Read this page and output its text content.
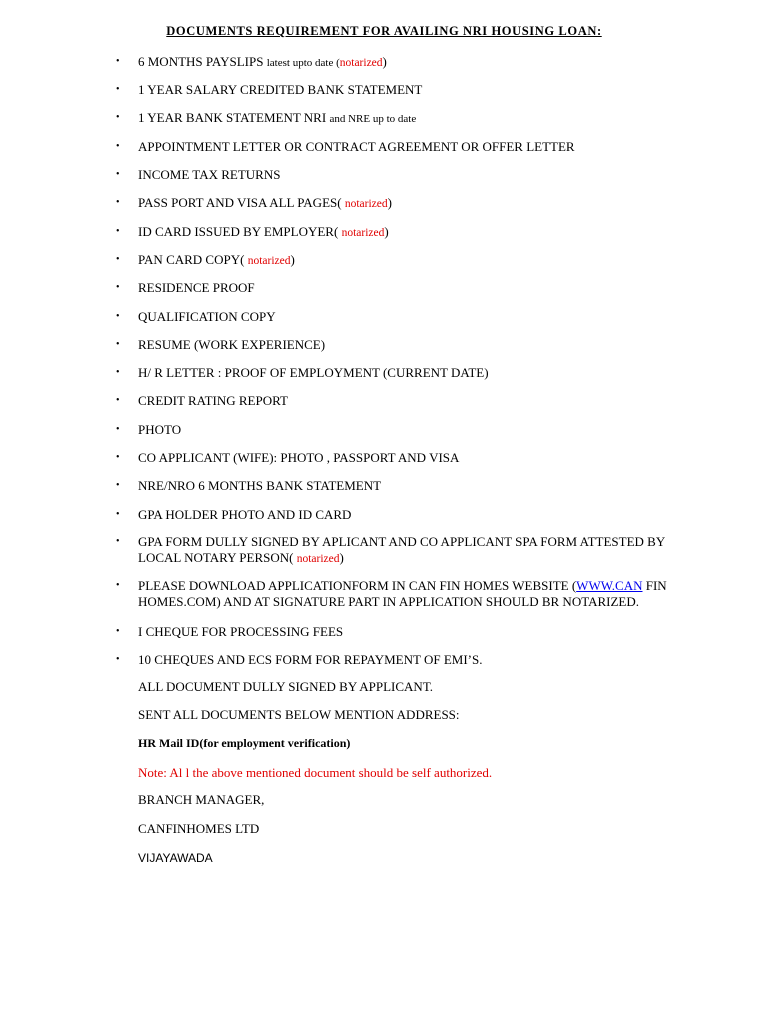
DOCUMENTS REQUIREMENT FOR AVAILING NRI HOUSING LOAN:
• 6 MONTHS PAYSLIPS latest upto date (notarized)
• 1 YEAR SALARY CREDITED BANK STATEMENT
• 1 YEAR BANK STATEMENT NRI and NRE up to date
• APPOINTMENT LETTER OR CONTRACT AGREEMENT OR OFFER LETTER
• INCOME TAX RETURNS
• PASS PORT AND VISA ALL PAGES( notarized)
• ID CARD ISSUED BY EMPLOYER( notarized)
• PAN CARD COPY( notarized)
• RESIDENCE PROOF
• QUALIFICATION COPY
• RESUME (WORK EXPERIENCE)
• H/ R LETTER : PROOF OF EMPLOYMENT (CURRENT DATE)
• CREDIT RATING REPORT
• PHOTO
• CO APPLICANT (WIFE): PHOTO , PASSPORT AND VISA
• NRE/NRO 6 MONTHS BANK STATEMENT
• GPA HOLDER PHOTO AND ID CARD
• GPA FORM DULLY SIGNED BY APLICANT AND CO APPLICANT SPA FORM ATTESTED BY LOCAL NOTARY PERSON( notarized)
• PLEASE DOWNLOAD APPLICATIONFORM IN CAN FIN HOMES WEBSITE (WWW.CAN FIN HOMES.COM) AND AT SIGNATURE PART IN APPLICATION SHOULD BR NOTARIZED.
• I CHEQUE FOR PROCESSING FEES
• 10 CHEQUES AND ECS FORM FOR REPAYMENT OF EMI’S.
ALL DOCUMENT DULLY SIGNED BY APPLICANT.
SENT ALL DOCUMENTS BELOW MENTION ADDRESS:
HR Mail ID(for employment verification)
Note: Al l the above mentioned document should be self authorized.
BRANCH MANAGER,
CANFINHOMES LTD
VIJAYAWADA
